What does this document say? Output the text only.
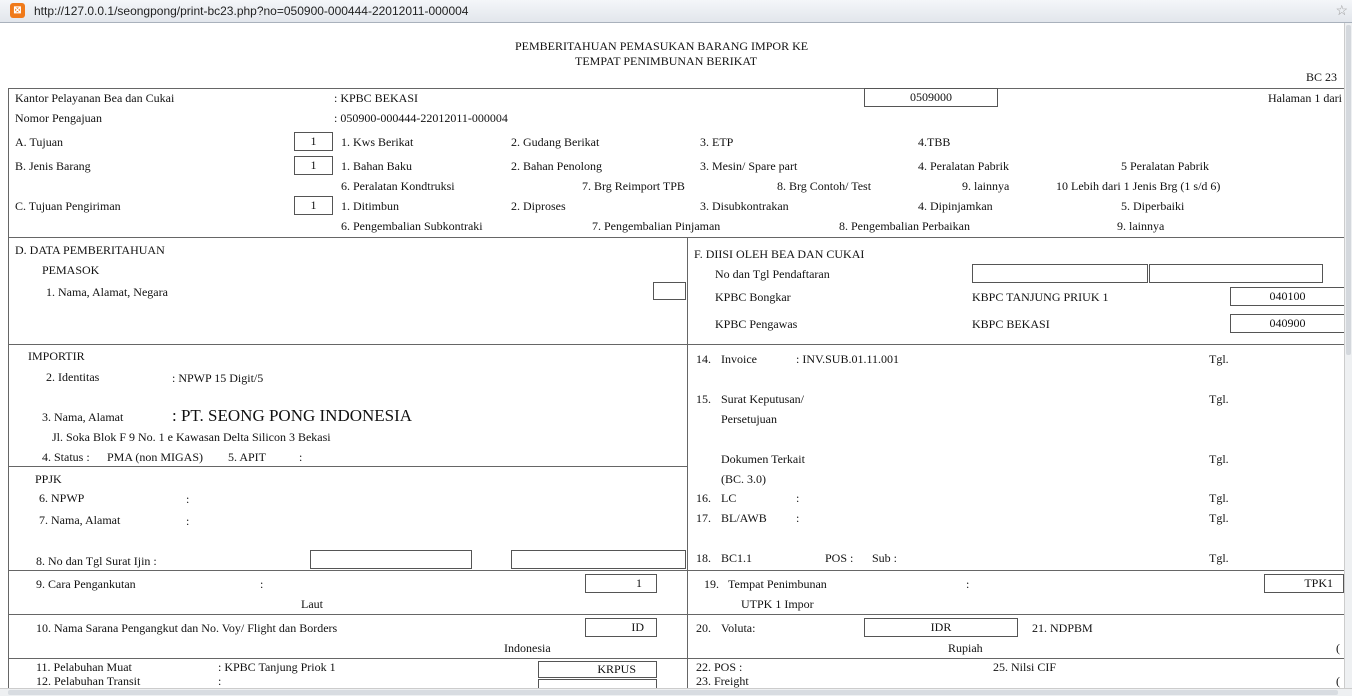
⊠ http://127.0.0.1/seongpong/print-bc23.php?no=050900-000444-22012011-000004	☆
PEMBERITAHUAN PEMASUKAN BARANG IMPOR KE
TEMPAT PENIMBUNAN BERIKAT
BC 23
Kantor Pelayanan Bea dan Cukai	: KPBC BEKASI	0509000	Halaman 1 dari
Nomor Pengajuan	: 050900-000444-22012011-000004
A. Tujuan	1	1. Kws Berikat	2. Gudang Berikat	3. ETP	4.TBB
B. Jenis Barang	1	1. Bahan Baku	2. Bahan Penolong	3. Mesin/ Spare part	4. Peralatan Pabrik	5 Peralatan Pabrik
6. Peralatan Kondtruksi	7. Brg Reimport TPB	8. Brg Contoh/ Test	9. lainnya	10 Lebih dari 1 Jenis Brg (1 s/d 6)
C. Tujuan Pengiriman	1	1. Ditimbun	2. Diproses	3. Disubkontrakan	4. Dipinjamkan	5. Diperbaiki
6. Pengembalian Subkontraki	7. Pengembalian Pinjaman	8. Pengembalian Perbaikan	9. lainnya
D. DATA PEMBERITAHUAN
PEMASOK
1. Nama, Alamat, Negara
F. DIISI OLEH BEA DAN CUKAI
No dan Tgl Pendaftaran
KPBC Bongkar	KBPC TANJUNG PRIUK 1	040100
KPBC Pengawas	KBPC BEKASI	040900
IMPORTIR
2. Identitas	: NPWP 15 Digit/5
3. Nama, Alamat	: PT. SEONG PONG INDONESIA
Jl. Soka Blok F 9 No. 1 e Kawasan Delta Silicon 3 Bekasi
4. Status : PMA (non MIGAS) 5. APIT	:
PPJK
6. NPWP	:
7. Nama, Alamat	:
8. No dan Tgl Surat Ijin :
14. Invoice	: INV.SUB.01.11.001	Tgl.
15. Surat Keputusan/
Persetujuan
Tgl.
Dokumen Terkait
(BC. 3.0)
Tgl.
16. LC	:	Tgl.
17. BL/AWB :	Tgl.
18. BC1.1	POS : Sub :	Tgl.
9. Cara Pengankutan	:	1
Laut
19. Tempat Penimbunan	:	TPK1
UTPK 1 Impor
10. Nama Sarana Pengangkut dan No. Voy/ Flight dan Borders	ID
Indonesia
20. Voluta:	IDR	21. NDPBM
Rupiah	(
11. Pelabuhan Muat	: KPBC Tanjung Priok 1	KRPUS
12. Pelabuhan Transit	:
22. POS :	25. Nilsi CIF
23. Freight	(
